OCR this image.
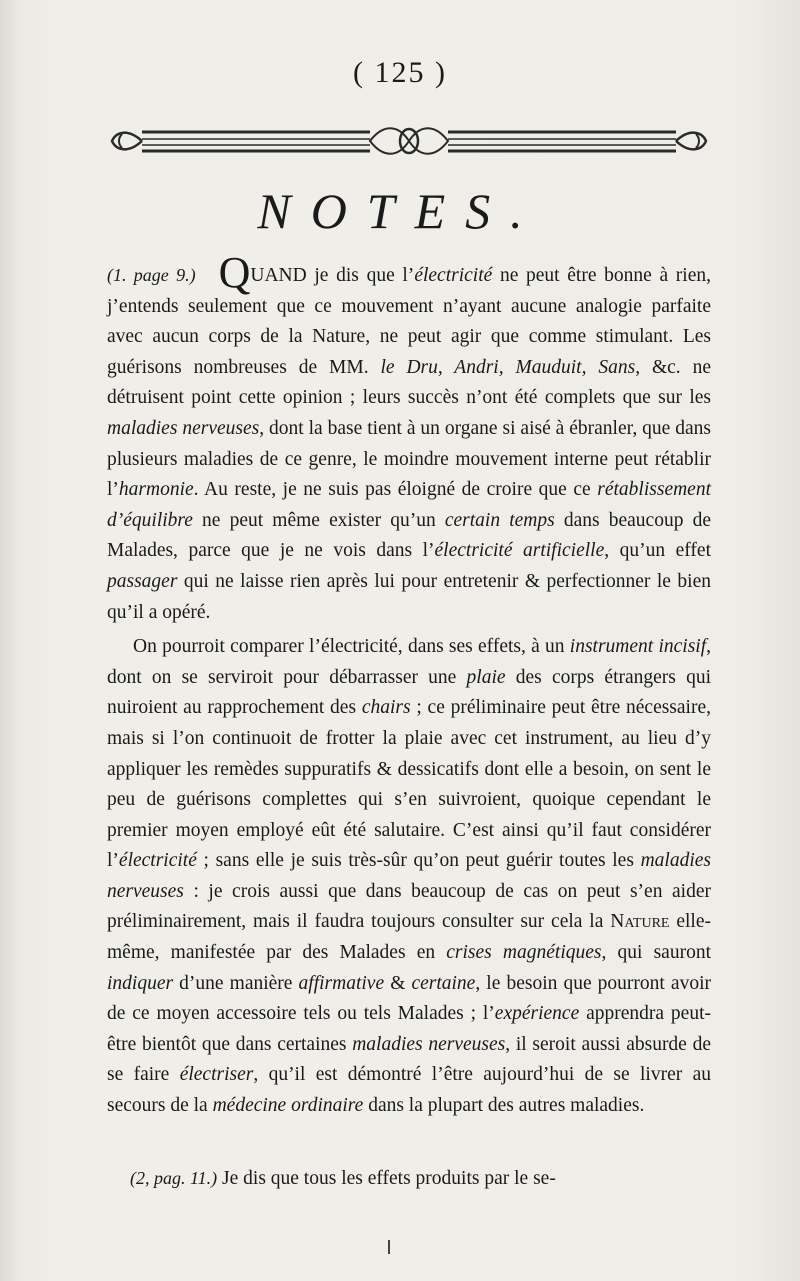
( 125 )
NOTES.

(1. page 9.) QUAND je dis que l’électricité ne peut être bonne à rien, j’entends seulement que ce mouvement n’ayant aucune analogie parfaite avec aucun corps de la Nature, ne peut agir que comme stimulant. Les guérisons nombreuses de MM. le Dru, Andri, Mauduit, Sans, &c. ne détruisent point cette opinion ; leurs succès n’ont été complets que sur les maladies nerveuses, dont la base tient à un organe si aisé à ébranler, que dans plusieurs maladies de ce genre, le moindre mouvement interne peut rétablir l’harmonie. Au reste, je ne suis pas éloigné de croire que ce rétablissement d’équilibre ne peut même exister qu’un certain temps dans beaucoup de Malades, parce que je ne vois dans l’électricité artificielle, qu’un effet passager qui ne laisse rien après lui pour entretenir & perfectionner le bien qu’il a opéré.

On pourroit comparer l’électricité, dans ses effets, à un instrument incisif, dont on se serviroit pour débarrasser une plaie des corps étrangers qui nuiroient au rapprochement des chairs ; ce préliminaire peut être nécessaire, mais si l’on continuoit de frotter la plaie avec cet instrument, au lieu d’y appliquer les remèdes suppuratifs & dessicatifs dont elle a besoin, on sent le peu de guérisons complettes qui s’en suivroient, quoique cependant le premier moyen employé eût été salutaire. C’est ainsi qu’il faut considérer l’électricité ; sans elle je suis très-sûr qu’on peut guérir toutes les maladies nerveuses : je crois aussi que dans beaucoup de cas on peut s’en aider préliminairement, mais il faudra toujours consulter sur cela la Nature elle-même, manifestée par des Malades en crises magnétiques, qui sauront indiquer d’une manière affirmative & certaine, le besoin que pourront avoir de ce moyen accessoire tels ou tels Malades ; l’expérience apprendra peut-être bientôt que dans certaines maladies nerveuses, il seroit aussi absurde de se faire électriser, qu’il est démontré l’être aujourd’hui de se livrer au secours de la médecine ordinaire dans la plupart des autres maladies.

(2, pag. 11.) Je dis que tous les effets produits par le se-
